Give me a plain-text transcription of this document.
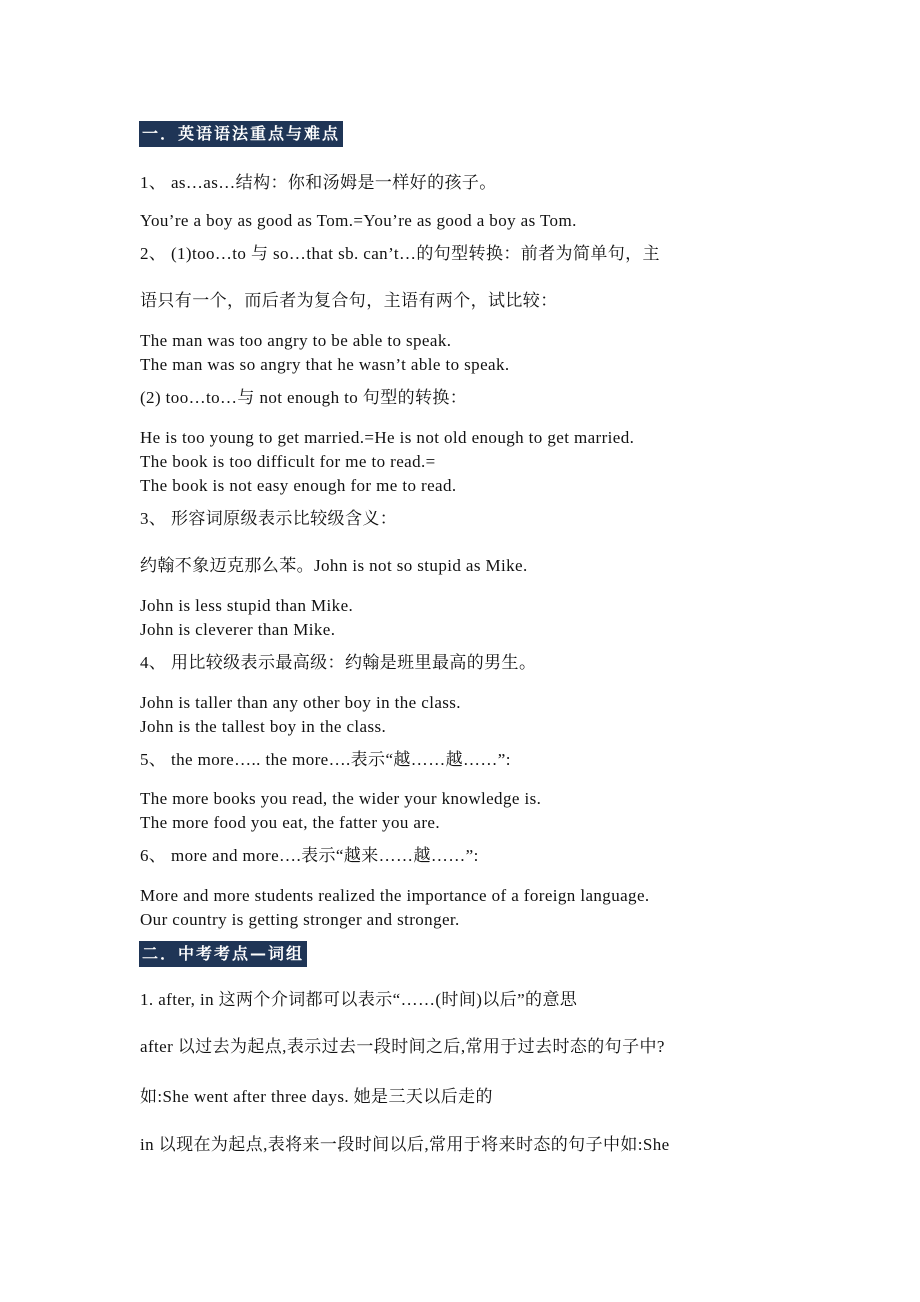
一．英语语法重点与难点
1、 as…as…结构：你和汤姆是一样好的孩子。
You’re a boy as good as Tom.=You’re as good a boy as Tom.
2、 (1)too…to 与 so…that sb. can’t…的句型转换：前者为简单句，主
语只有一个，而后者为复合句，主语有两个，试比较：
The man was too angry to be able to speak.
The man was so angry that he wasn’t able to speak.
(2) too…to…与 not enough to 句型的转换：
He is too young to get married.=He is not old enough to get married.
The book is too difficult for me to read.=
The book is not easy enough for me to read.
3、 形容词原级表示比较级含义：
约翰不象迈克那么苯。John is not so stupid as Mike.
John is less stupid than Mike.
John is cleverer than Mike.
4、 用比较级表示最高级：约翰是班里最高的男生。
John is taller than any other boy in the class.
John is the tallest boy in the class.
5、 the more….. the more….表示“越……越……”:
The more books you read, the wider your knowledge is.
The more food you eat, the fatter you are.
6、 more and more….表示“越来……越……”:
More and more students realized the importance of a foreign language.
Our country is getting stronger and stronger.
二．中考考点—词组
1. after, in 这两个介词都可以表示“……(时间)以后”的意思
after 以过去为起点,表示过去一段时间之后,常用于过去时态的句子中?
如:She went after three days. 她是三天以后走的
in 以现在为起点,表将来一段时间以后,常用于将来时态的句子中如:She
